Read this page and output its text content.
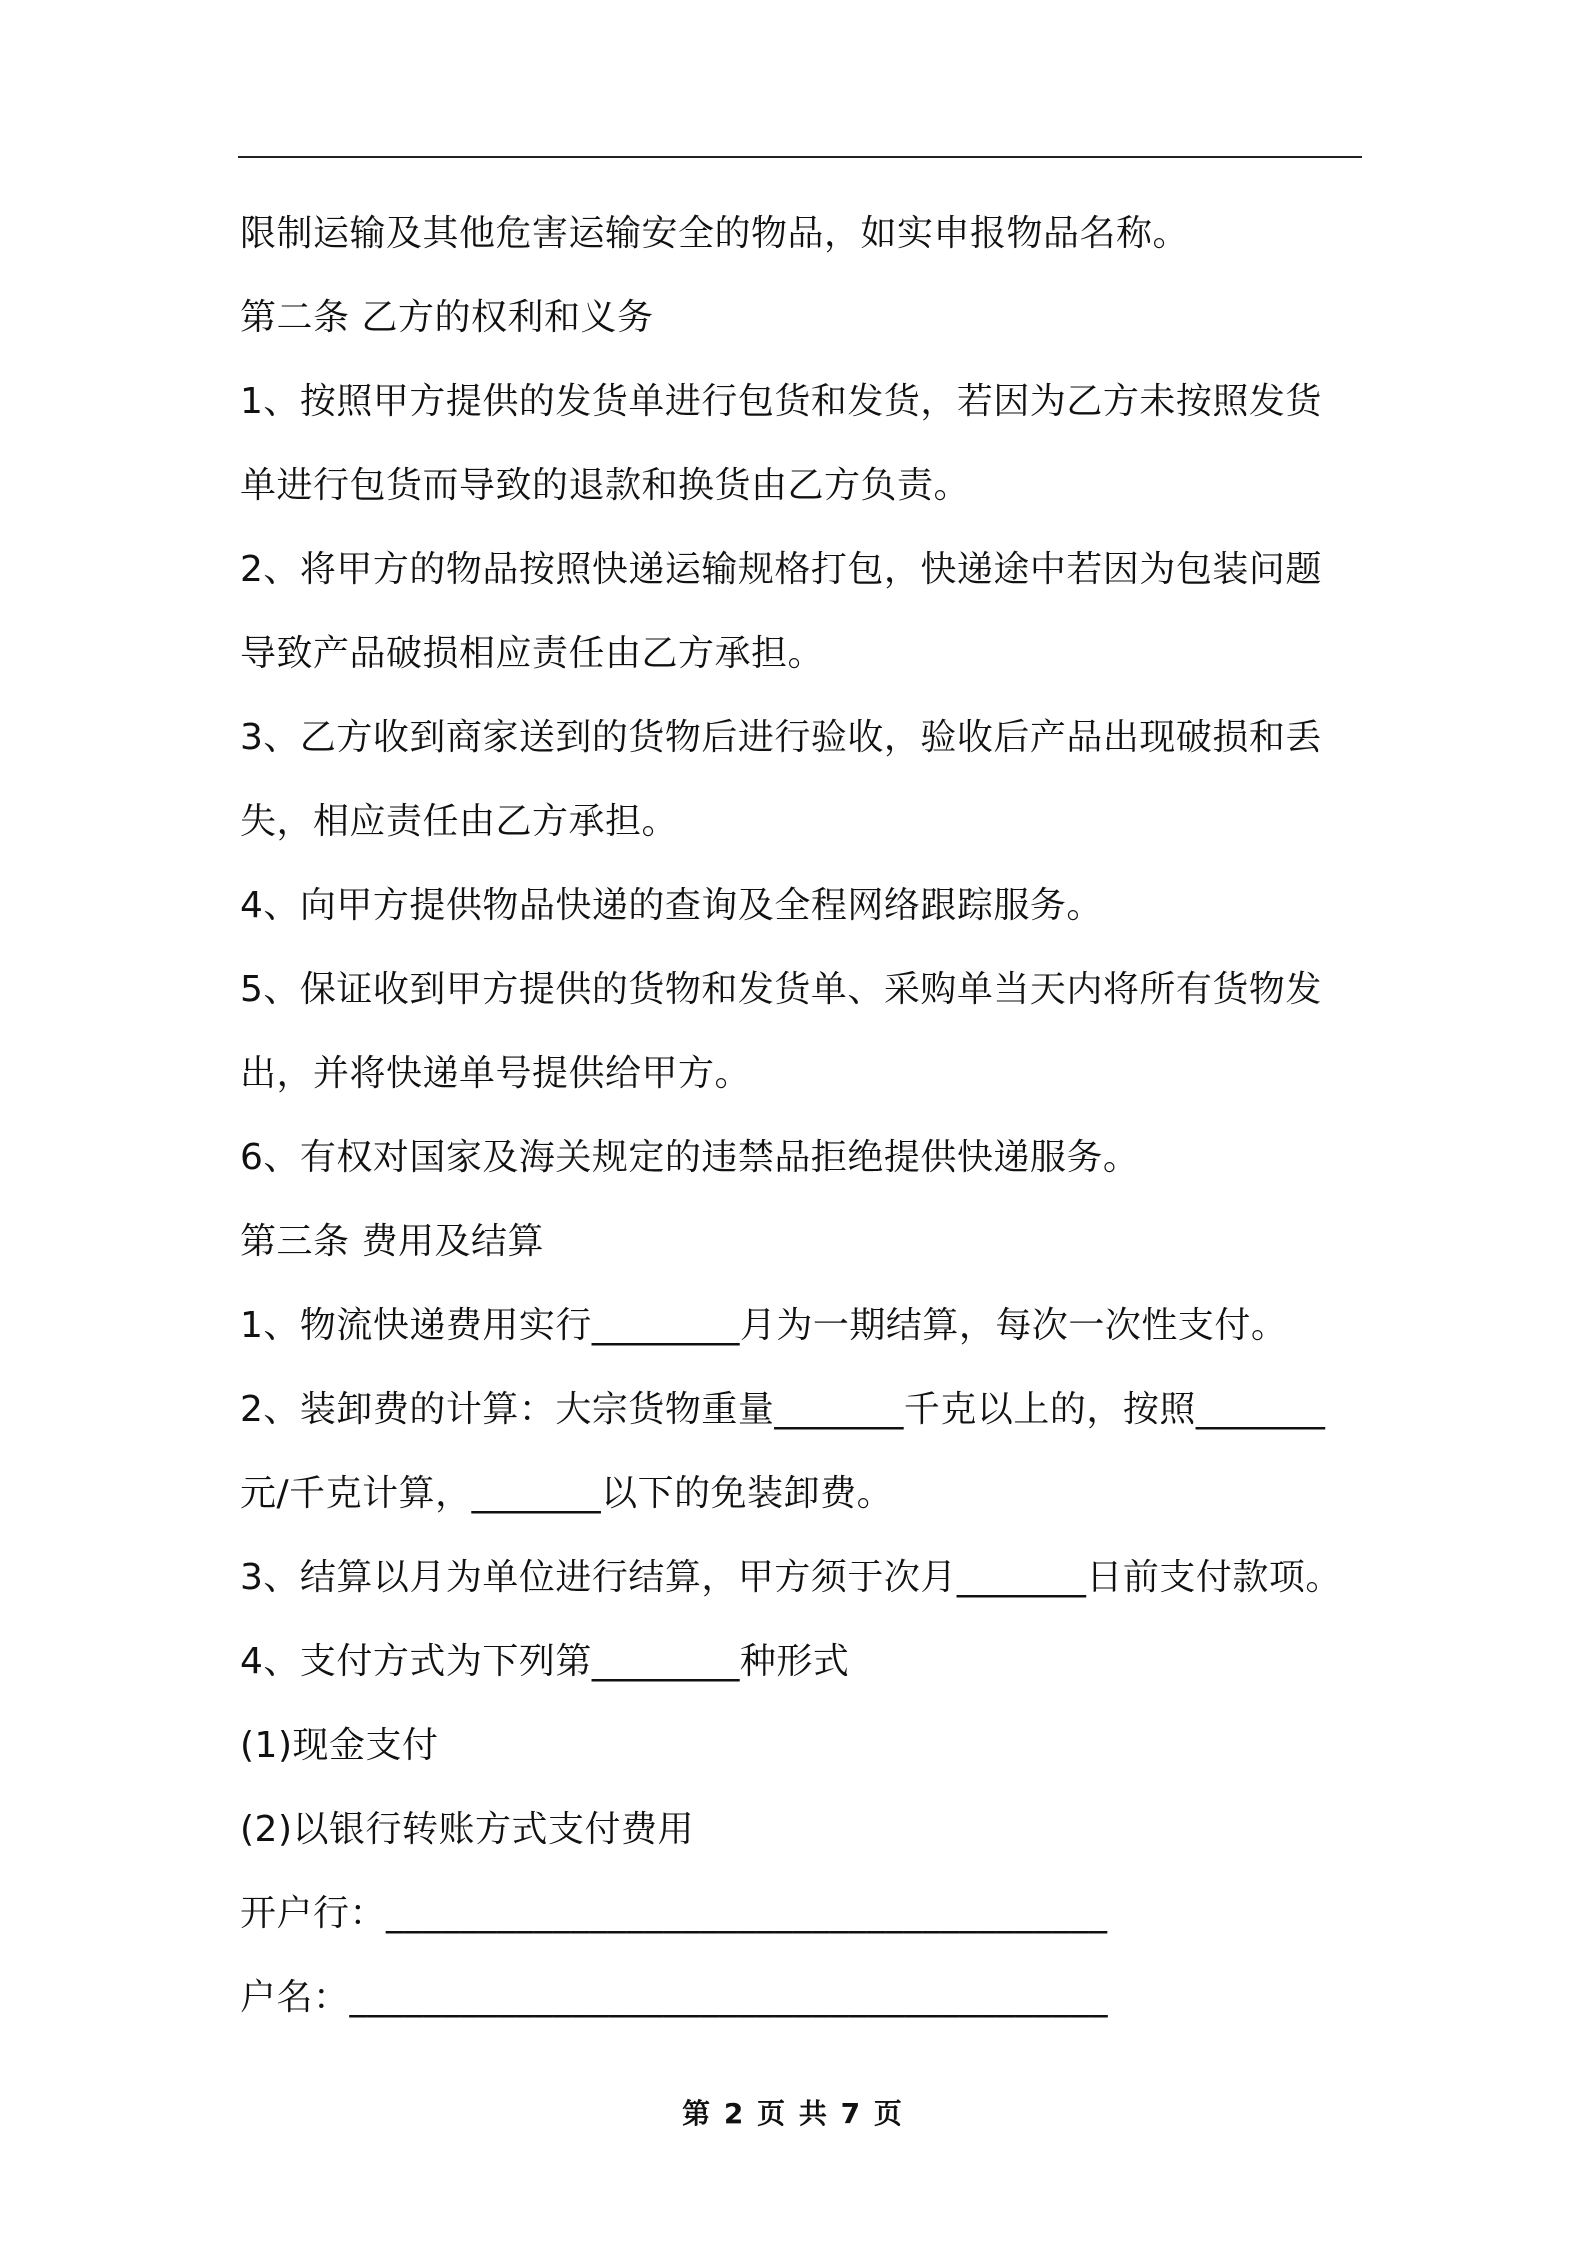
限制运输及其他危害运输安全的物品，如实申报物品名称。
第二条 乙方的权利和义务
1、按照甲方提供的发货单进行包货和发货，若因为乙方未按照发货
单进行包货而导致的退款和换货由乙方负责。
2、将甲方的物品按照快递运输规格打包，快递途中若因为包装问题
导致产品破损相应责任由乙方承担。
3、乙方收到商家送到的货物后进行验收，验收后产品出现破损和丢
失，相应责任由乙方承担。
4、向甲方提供物品快递的查询及全程网络跟踪服务。
5、保证收到甲方提供的货物和发货单、采购单当天内将所有货物发
出，并将快递单号提供给甲方。
6、有权对国家及海关规定的违禁品拒绝提供快递服务。
第三条 费用及结算
1、物流快递费用实行________月为一期结算，每次一次性支付。
2、装卸费的计算：大宗货物重量_______千克以上的，按照_______
元/千克计算，_______以下的免装卸费。
3、结算以月为单位进行结算，甲方须于次月_______日前支付款项。
4、支付方式为下列第________种形式
(1)现金支付
(2)以银行转账方式支付费用
开户行：_______________________________________
户名：_________________________________________
第 2 页 共 7 页
